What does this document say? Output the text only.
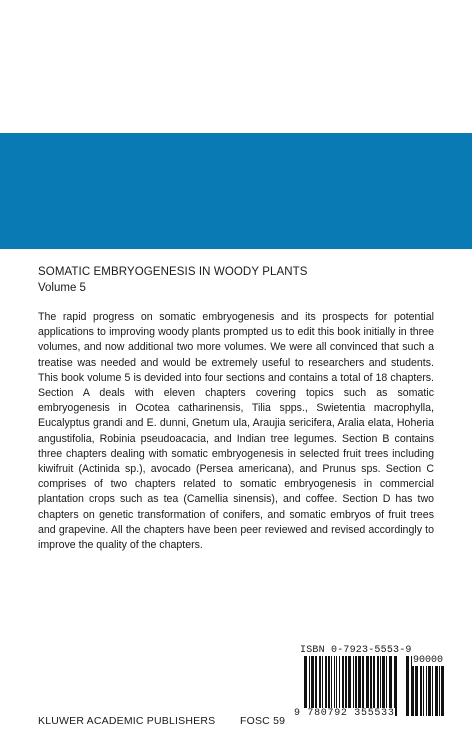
SOMATIC EMBRYOGENESIS IN WOODY PLANTS
Volume 5

The rapid progress on somatic embryogenesis and its prospects for potential applications to improving woody plants prompted us to edit this book initially in three volumes, and now additional two more volumes. We were all convinced that such a treatise was needed and would be extremely useful to researchers and students. This book volume 5 is devided into four sections and contains a total of 18 chapters. Section A deals with eleven chapters covering topics such as somatic embryogenesis in Ocotea catharinensis, Tilia spps., Swietentia macrophylla, Eucalyptus grandi and E. dunni, Gnetum ula, Araujia sericifera, Aralia elata, Hoheria angustifolia, Robinia pseudoacacia, and Indian tree legumes. Section B contains three chapters dealing with somatic embryogenesis in selected fruit trees including kiwifruit (Actinida sp.), avocado (Persea americana), and Prunus sps. Section C comprises of two chapters related to somatic embryogenesis in commercial plantation crops such as tea (Camellia sinensis), and coffee. Section D has two chapters on genetic transformation of conifers, and somatic embryos of fruit trees and grapevine. All the chapters have been peer reviewed and revised accordingly to improve the quality of the chapters.

ISBN 0-7923-5553-9
90000
9 780792 355533
KLUWER ACADEMIC PUBLISHERS FOSC 59
